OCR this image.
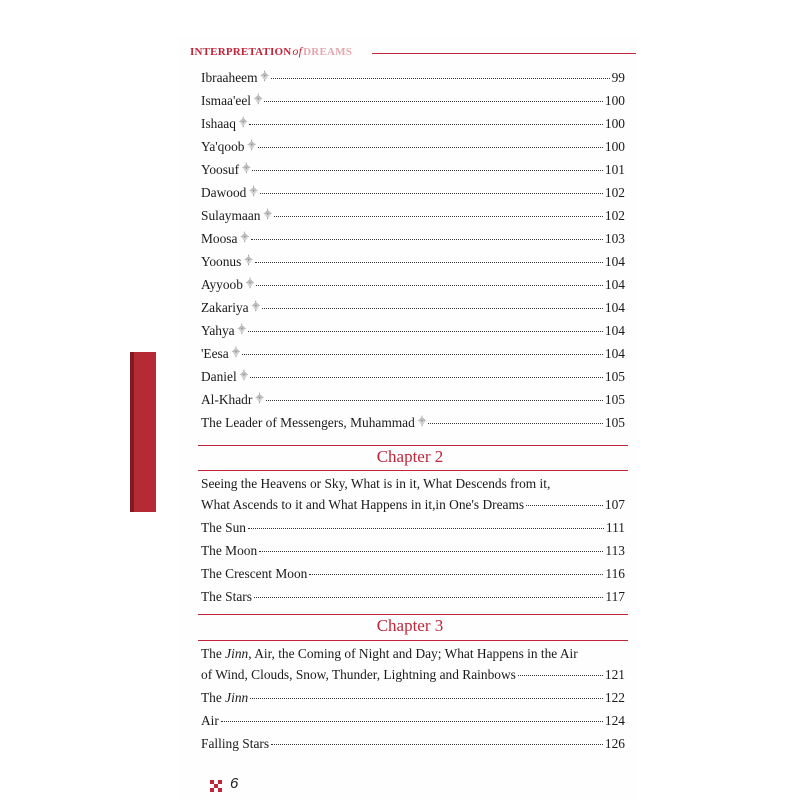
INTERPRETATIONofDREAMS
Ibraaheem ⸎	99
Ismaa'eel ⸎	100
Ishaaq ⸎	100
Ya'qoob ⸎	100
Yoosuf ⸎	101
Dawood ⸎	102
Sulaymaan ⸎	102
Moosa ⸎	103
Yoonus ⸎	104
Ayyoob ⸎	104
Zakariya ⸎	104
Yahya ⸎	104
'Eesa ⸎	104
Daniel ⸎	105
Al-Khadr ⸎	105
The Leader of Messengers, Muhammad ⸎	105
Chapter 2
Seeing the Heavens or Sky, What is in it, What Descends from it,
What Ascends to it and What Happens in it,in One's Dreams	107
The Sun	111
The Moon	113
The Crescent Moon	116
The Stars	117
Chapter 3
The Jinn, Air, the Coming of Night and Day; What Happens in the Air
of Wind, Clouds, Snow, Thunder, Lightning and Rainbows	121
The Jinn	122
Air	124
Falling Stars	126
6
